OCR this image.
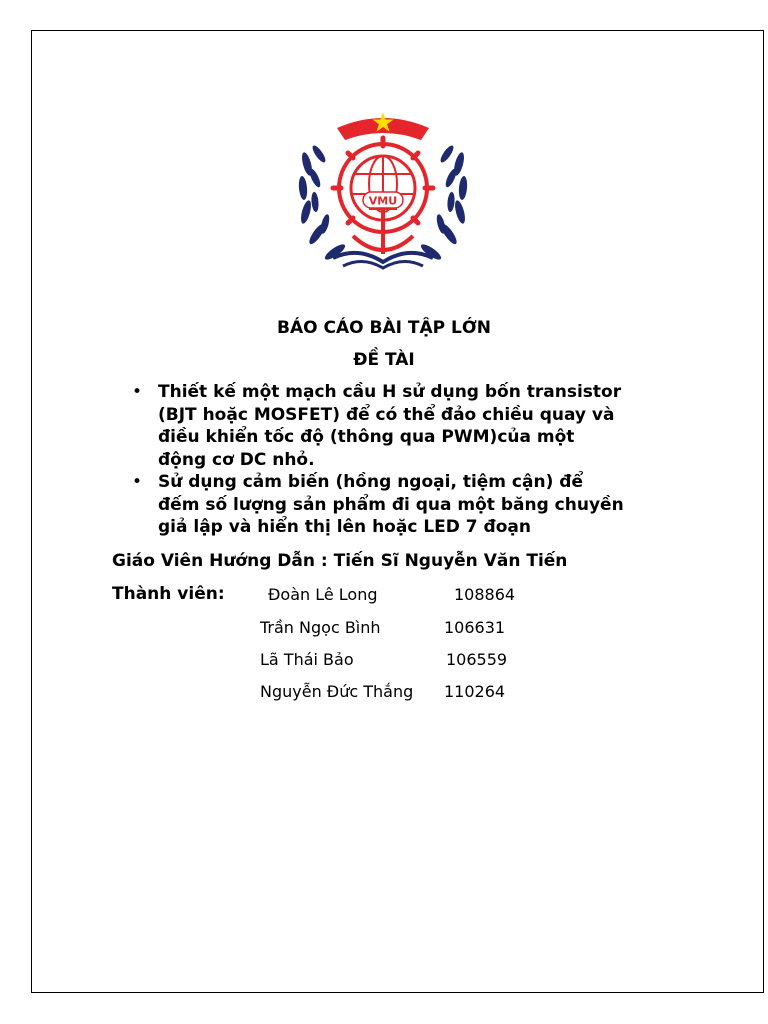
VMU
BÁO CÁO BÀI TẬP LỚN
ĐỀ TÀI
• Thiết kế một mạch cầu H sử dụng bốn transistor
(BJT hoặc MOSFET) để có thể đảo chiều quay và
điều khiển tốc độ (thông qua PWM)của một
động cơ DC nhỏ.
• Sử dụng cảm biến (hồng ngoại, tiệm cận) để
đếm số lượng sản phẩm đi qua một băng chuyền
giả lập và hiển thị lên hoặc LED 7 đoạn
Giáo Viên Hướng Dẫn : Tiến Sĩ Nguyễn Văn Tiến
Thành viên:	Đoàn Lê Long	108864
Trần Ngọc Bình	106631
Lã Thái Bảo	106559
Nguyễn Đức Thắng 110264
